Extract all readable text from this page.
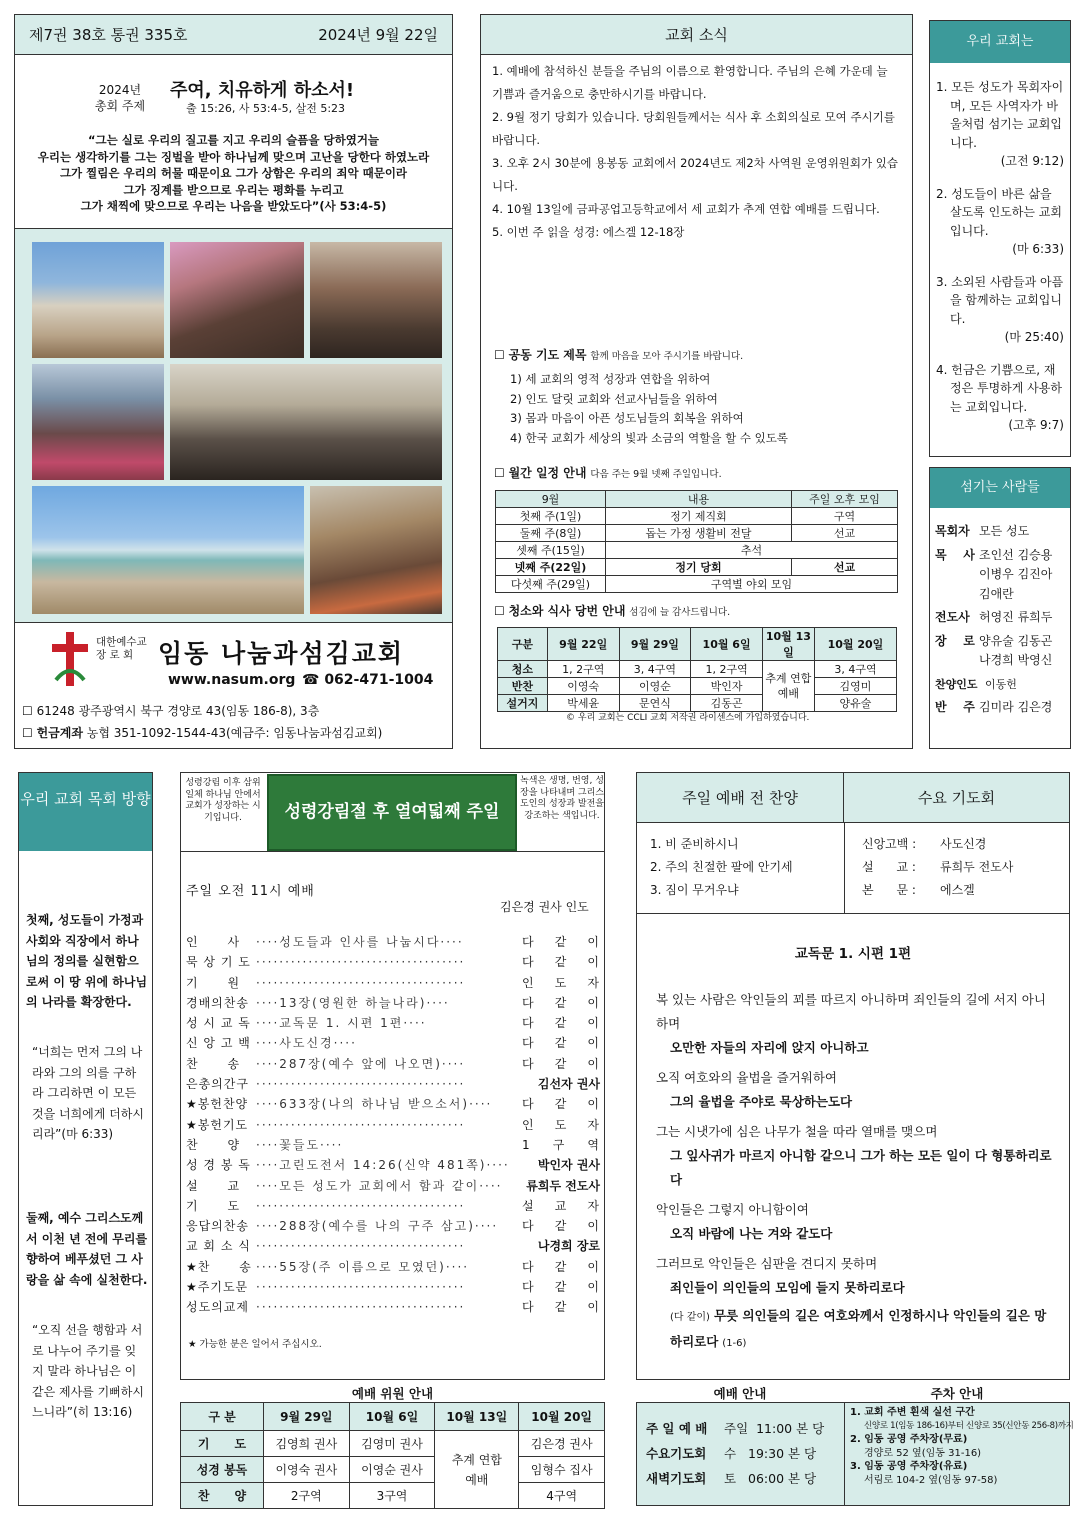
제7권 38호 통권 335호	2024년 9월 22일
2024년
총회 주제
주여, 치유하게 하소서!
출 15:26, 사 53:4-5, 살전 5:23
“그는 실로 우리의 질고를 지고 우리의 슬픔을 당하였거늘
우리는 생각하기를 그는 징벌을 받아 하나님께 맞으며 고난을 당한다 하였노라
그가 찔림은 우리의 허물 때문이요 그가 상함은 우리의 죄악 때문이라
그가 징계를 받으므로 우리는 평화를 누리고
그가 채찍에 맞으므로 우리는 나음을 받았도다”(사 53:4-5)
대한예수교
장 로 회 임동 나눔과섬김교회
www.nasum.org ☎ 062-471-1004
☐ 61248 광주광역시 북구 경양로 43(임동 186-8), 3층
☐ 헌금계좌 농협 351-1092-1544-43(예금주: 임동나눔과섬김교회)
교회 소식
1. 예배에 참석하신 분들을 주님의 이름으로 환영합니다. 주님의 은혜 가운데 늘 기쁨과 즐거움으로 충만하시기를 바랍니다.
2. 9월 정기 당회가 있습니다. 당회원들께서는 식사 후 소회의실로 모여 주시기를 바랍니다.
3. 오후 2시 30분에 용봉동 교회에서 2024년도 제2차 사역원 운영위원회가 있습니다.
4. 10월 13일에 금파공업고등학교에서 세 교회가 추계 연합 예배를 드립니다.
5. 이번 주 읽을 성경: 에스겔 12-18장
☐ 공동 기도 제목 함께 마음을 모아 주시기를 바랍니다.
1) 세 교회의 영적 성장과 연합을 위하여
2) 인도 달릿 교회와 선교사님들을 위하여
3) 몸과 마음이 아픈 성도님들의 회복을 위하여
4) 한국 교회가 세상의 빛과 소금의 역할을 할 수 있도록
☐ 월간 일정 안내 다음 주는 9월 넷째 주일입니다.
9월	내용	주일 오후 모임
첫째 주(1일)	정기 제직회	구역
둘째 주(8일)	돕는 가정 생활비 전달	선교
셋째 주(15일)	추석	
넷째 주(22일)	정기 당회	선교
다섯째 주(29일)	구역별 야외 모임	
☐ 청소와 식사 당번 안내 섬김에 늘 감사드립니다.
구분	9월 22일	9월 29일	10월 6일	10월 13일	10월 20일
청소	1, 2구역	3, 4구역	1, 2구역	추계 연합 예배	3, 4구역
반찬	이영숙	이영순	박인자		김영미
설거지	박세윤	문연식	김동곤		양유술
© 우리 교회는 CCLI 교회 저작권 라이센스에 가입하였습니다.
우리 교회는
1. 모든 성도가 목회자이며, 모든 사역자가 바울처럼 섬기는 교회입니다.
(고전 9:12)
2. 성도들이 바른 삶을 살도록 인도하는 교회입니다.
(마 6:33)
3. 소외된 사람들과 아픔을 함께하는 교회입니다.
(마 25:40)
4. 헌금은 기쁨으로, 재정은 투명하게 사용하는 교회입니다.
(고후 9:7)
섬기는 사람들
목회자 모든 성도
목    사 조인선 김승용 이병우 김진아 김애란
전도사 허영진 류희두
장    로 양유술 김동곤 나경희 박영신
찬양인도 이동헌
반    주 김미라 김은경
우리 교회 목회 방향
첫째, 성도들이 가정과 사회와 직장에서 하나님의 정의를 실현함으로써 이 땅 위에 하나님의 나라를 확장한다.
“너희는 먼저 그의 나라와 그의 의를 구하라 그리하면 이 모든 것을 너희에게 더하시리라”(마 6:33)
둘째, 예수 그리스도께서 이천 년 전에 무리를 향하여 베푸셨던 그 사랑을 삶 속에 실천한다.
“오직 선을 행함과 서로 나누어 주기를 잊지 말라 하나님은 이 같은 제사를 기뻐하시느니라”(히 13:16)
성령강림 이후 삼위일체 하나님 안에서 교회가 성장하는 시기입니다.	성령강림절 후 열여덟째 주일
녹색은 생명, 번영, 성장을 나타내며 그리스도인의 성장과 발전을 강조하는 색입니다.
주일 오전 11시 예배
김은경 권사 인도
인      사	····성도들과 인사를 나눕시다····	다 같 이
묵 상 기 도 ····································	다 같 이
기      원	····································	인 도 자
경배의찬송 ····13장(영원한 하늘나라)····	다 같 이
성 시 교 독 ····교독문 1. 시편 1편····	다 같 이
신 앙 고 백 ····사도신경····	다 같 이
찬      송	····287장(예수 앞에 나오면)····	다 같 이
은총의간구 ····································	김선자 권사
★봉헌찬양 ····633장(나의 하나님 받으소서)····	다 같 이
★봉헌기도 ····································	인 도 자
찬      양	····꽃들도····	1 구 역
성 경 봉 독 ····고린도전서 14:26(신약 481쪽)····	박인자 권사
설      교	····모든 성도가 교회에서 함과 같이····	류희두 전도사
기      도	····································	설 교 자
응답의찬송 ····288장(예수를 나의 구주 삼고)····	다 같 이
교 회 소 식 ····································	나경희 장로
★찬      송 ····55장(주 이름으로 모였던)····	다 같 이
★주기도문 ····································	다 같 이
성도의교제 ····································	다 같 이
★ 가능한 분은 일어서 주십시오.
예배 위원 안내
구 분	9월 29일	10월 6일	10월 13일	10월 20일
기      도	김영희 권사	김영미 권사	추계 연합 예배	김은경 권사
성경 봉독	이영숙 권사	이영순 권사		임형수 집사
찬      양	2구역	3구역		4구역
주일 예배 전 찬양	수요 기도회
1. 비 준비하시니
2. 주의 친절한 팔에 안기세
3. 짐이 무거우냐
신앙고백 : 사도신경
설      교 : 류희두 전도사
본      문 : 에스겔
교독문 1. 시편 1편

복 있는 사람은 악인들의 꾀를 따르지 아니하며 죄인들의 길에 서지 아니하며

오만한 자들의 자리에 앉지 아니하고

오직 여호와의 율법을 즐거워하여

그의 율법을 주야로 묵상하는도다

그는 시냇가에 심은 나무가 철을 따라 열매를 맺으며

그 잎사귀가 마르지 아니함 같으니 그가 하는 모든 일이 다 형통하리로다

악인들은 그렇지 아니함이여

오직 바람에 나는 겨와 같도다

그러므로 악인들은 심판을 견디지 못하며

죄인들이 의인들의 모임에 들지 못하리로다

(다 같이) 무릇 의인들의 길은 여호와께서 인정하시나 악인들의 길은 망하리로다 (1-6)
예배 안내	주차 안내
주 일 예 배 주일  11:00 본 당
수요기도회 수   19:30 본 당
새벽기도회 토   06:00 본 당
1. 교회 주변 흰색 실선 구간
신양로 1(임동 186-16)부터 신양로 35(신안동 256-8)까지
2. 임동 공영 주차장(무료)
경양로 52 옆(임동 31-16)
3. 임동 공영 주차장(유료)
서림로 104-2 옆(임동 97-58)
